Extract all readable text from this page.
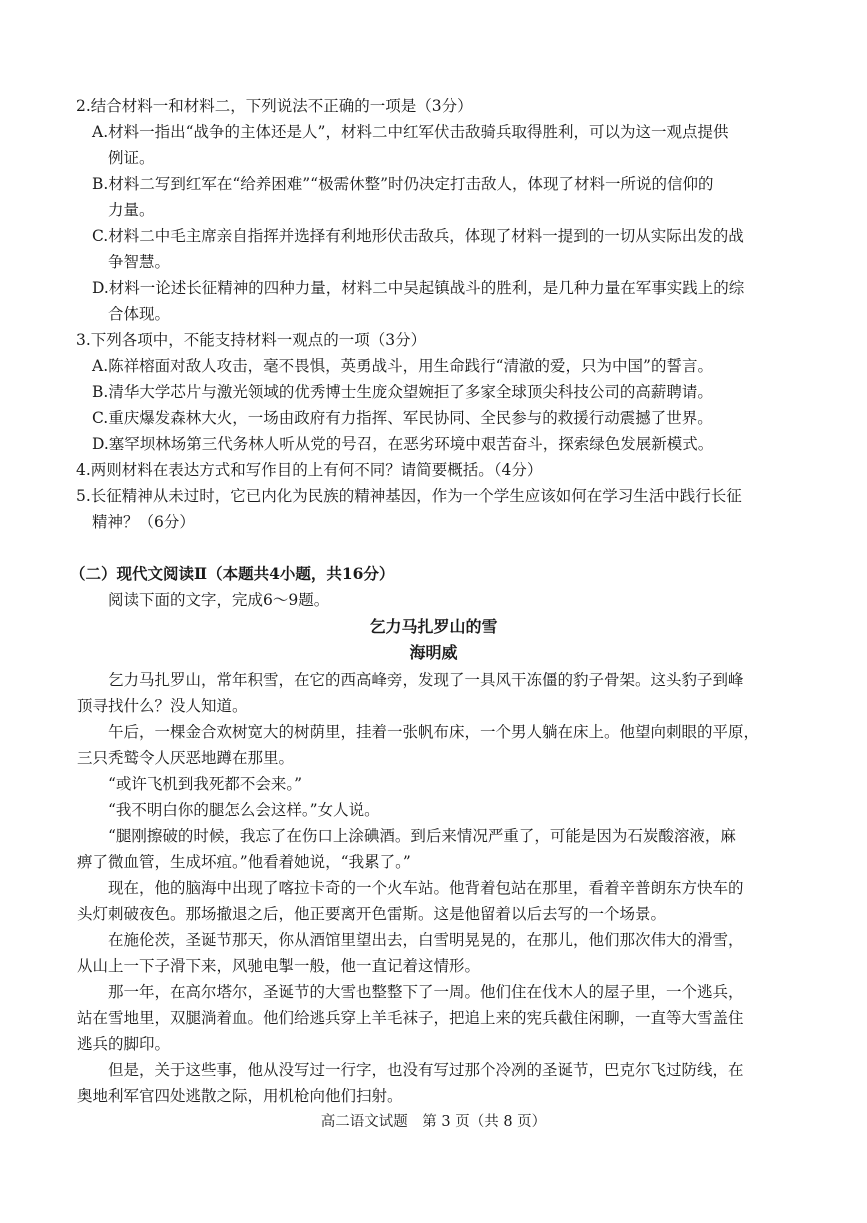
2.结合材料一和材料二，下列说法不正确的一项是（3分）
A.材料一指出“战争的主体还是人”，材料二中红军伏击敌骑兵取得胜利，可以为这一观点提供
例证。
B.材料二写到红军在“给养困难”“极需休整”时仍决定打击敌人，体现了材料一所说的信仰的
力量。
C.材料二中毛主席亲自指挥并选择有利地形伏击敌兵，体现了材料一提到的一切从实际出发的战
争智慧。
D.材料一论述长征精神的四种力量，材料二中吴起镇战斗的胜利，是几种力量在军事实践上的综
合体现。
3.下列各项中，不能支持材料一观点的一项（3分）
A.陈祥榕面对敌人攻击，毫不畏惧，英勇战斗，用生命践行“清澈的爱，只为中国”的誓言。
B.清华大学芯片与激光领域的优秀博士生庞众望婉拒了多家全球顶尖科技公司的高薪聘请。
C.重庆爆发森林大火，一场由政府有力指挥、军民协同、全民参与的救援行动震撼了世界。
D.塞罕坝林场第三代务林人听从党的号召，在恶劣环境中艰苦奋斗，探索绿色发展新模式。
4.两则材料在表达方式和写作目的上有何不同？请简要概括。（4分）
5.长征精神从未过时，它已内化为民族的精神基因，作为一个学生应该如何在学习生活中践行长征
精神？（6分）
（二）现代文阅读Ⅱ（本题共4小题，共16分）
阅读下面的文字，完成6～9题。
乞力马扎罗山的雪
海明威
乞力马扎罗山，常年积雪，在它的西高峰旁，发现了一具风干冻僵的豹子骨架。这头豹子到峰
顶寻找什么？没人知道。
午后，一棵金合欢树宽大的树荫里，挂着一张帆布床，一个男人躺在床上。他望向刺眼的平原，
三只秃鹫令人厌恶地蹲在那里。
“或许飞机到我死都不会来。”
“我不明白你的腿怎么会这样。”女人说。
“腿刚擦破的时候，我忘了在伤口上涂碘酒。到后来情况严重了，可能是因为石炭酸溶液，麻
痹了微血管，生成坏疽。”他看着她说，“我累了。”
现在，他的脑海中出现了喀拉卡奇的一个火车站。他背着包站在那里，看着辛普朗东方快车的
头灯刺破夜色。那场撤退之后，他正要离开色雷斯。这是他留着以后去写的一个场景。
在施伦茨，圣诞节那天，你从酒馆里望出去，白雪明晃晃的，在那儿，他们那次伟大的滑雪，
从山上一下子滑下来，风驰电掣一般，他一直记着这情形。
那一年，在高尔塔尔，圣诞节的大雪也整整下了一周。他们住在伐木人的屋子里，一个逃兵，
站在雪地里，双腿淌着血。他们给逃兵穿上羊毛袜子，把追上来的宪兵截住闲聊，一直等大雪盖住
逃兵的脚印。
但是，关于这些事，他从没写过一行字，也没有写过那个冷冽的圣诞节，巴克尔飞过防线，在
奥地利军官四处逃散之际，用机枪向他们扫射。
高二语文试题　第 3 页（共 8 页）
